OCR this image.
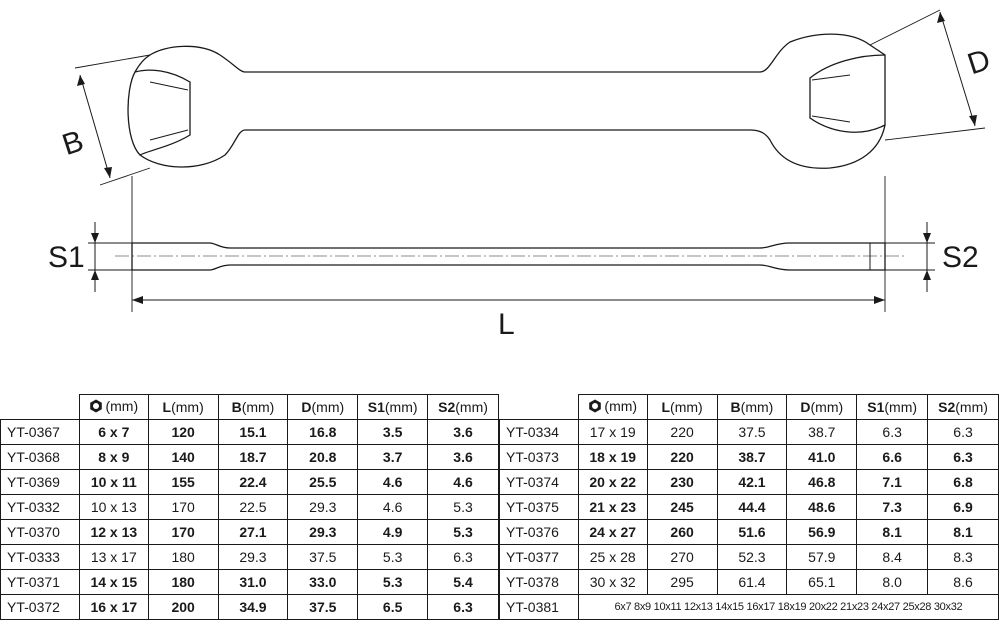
B
D
S1	S2
L

	(mm)	L(mm)	B(mm)	D(mm)	S1(mm)	S2(mm)
YT-0367	6 x 7	120	15.1	16.8	3.5	3.6
YT-0368	8 x 9	140	18.7	20.8	3.7	3.6
YT-0369	10 x 11	155	22.4	25.5	4.6	4.6
YT-0332	10 x 13	170	22.5	29.3	4.6	5.3
YT-0370	12 x 13	170	27.1	29.3	4.9	5.3
YT-0333	13 x 17	180	29.3	37.5	5.3	6.3
YT-0371	14 x 15	180	31.0	33.0	5.3	5.4
YT-0372	16 x 17	200	34.9	37.5	6.5	6.3

	(mm)	L(mm)	B(mm)	D(mm)	S1(mm)	S2(mm)
YT-0334	17 x 19	220	37.5	38.7	6.3	6.3
YT-0373	18 x 19	220	38.7	41.0	6.6	6.3
YT-0374	20 x 22	230	42.1	46.8	7.1	6.8
YT-0375	21 x 23	245	44.4	48.6	7.3	6.9
YT-0376	24 x 27	260	51.6	56.9	8.1	8.1
YT-0377	25 x 28	270	52.3	57.9	8.4	8.3
YT-0378	30 x 32	295	61.4	65.1	8.0	8.6
YT-0381	6x7 8x9 10x11 12x13 14x15 16x17 18x19 20x22 21x23 24x27 25x28 30x32					
